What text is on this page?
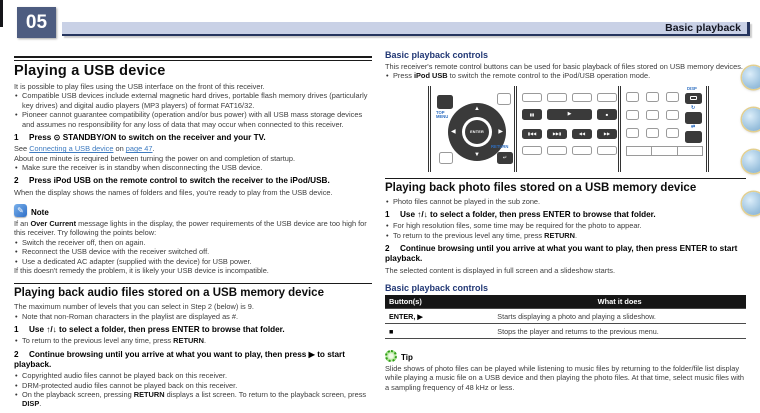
05	Basic playback
Playing a USB device
It is possible to play files using the USB interface on the front of this receiver.
• Compatible USB devices include external magnetic hard drives, portable flash memory drives (particularly key drives) and digital audio players (MP3 players) of format FAT16/32.
• Pioneer cannot guarantee compatibility (operation and/or bus power) with all USB mass storage devices and assumes no responsibility for any loss of data that may occur when connected to this receiver.
1 Press ⊙ STANDBY/ON to switch on the receiver and your TV.
See Connecting a USB device on page 47.
About one minute is required between turning the power on and completion of startup.
• Make sure the receiver is in standby when disconnecting the USB device.
2 Press iPod USB on the remote control to switch the receiver to the iPod/USB.
When the display shows the names of folders and files, you're ready to play from the USB device.
✎ Note
If an Over Current message lights in the display, the power requirements of the USB device are too high for this receiver. Try following the points below:
• Switch the receiver off, then on again.
• Reconnect the USB device with the receiver switched off.
• Use a dedicated AC adapter (supplied with the device) for USB power.
If this doesn't remedy the problem, it is likely your USB device is incompatible.
Playing back audio files stored on a USB memory device
The maximum number of levels that you can select in Step 2 (below) is 9.
• Note that non-Roman characters in the playlist are displayed as #.
1 Use ↑/↓ to select a folder, then press ENTER to browse that folder.
• To return to the previous level any time, press RETURN.
2 Continue browsing until you arrive at what you want to play, then press ▶ to start playback.
• Copyrighted audio files cannot be played back on this receiver.
• DRM-protected audio files cannot be played back on this receiver.
• On the playback screen, pressing RETURN displays a list screen. To return to the playback screen, press DISP.
Basic playback controls
This receiver's remote control buttons can be used for basic playback of files stored on USB memory devices.
• Press iPod USB to switch the remote control to the iPod/USB operation mode.
TOP MENU
▲
▼
◀	▶
ENTER
RETURN
↵
▮▮	▶	■
▮◀◀	▶▶▮	◀◀	▶▶
DISP
↻
⇄
Playing back photo files stored on a USB memory device
• Photo files cannot be played in the sub zone.
1 Use ↑/↓ to select a folder, then press ENTER to browse that folder.
• For high resolution files, some time may be required for the photo to appear.
• To return to the previous level any time, press RETURN.
2 Continue browsing until you arrive at what you want to play, then press ENTER to start playback.
The selected content is displayed in full screen and a slideshow starts.
Basic playback controls
Button(s)	What it does
ENTER, ▶	Starts displaying a photo and playing a slideshow.
■	Stops the player and returns to the previous menu.
Tip
Slide shows of photo files can be played while listening to music files by returning to the folder/file list display while playing a music file on a USB device and then playing the photo files. At that time, select music files with a sampling frequency of 48 kHz or less.
